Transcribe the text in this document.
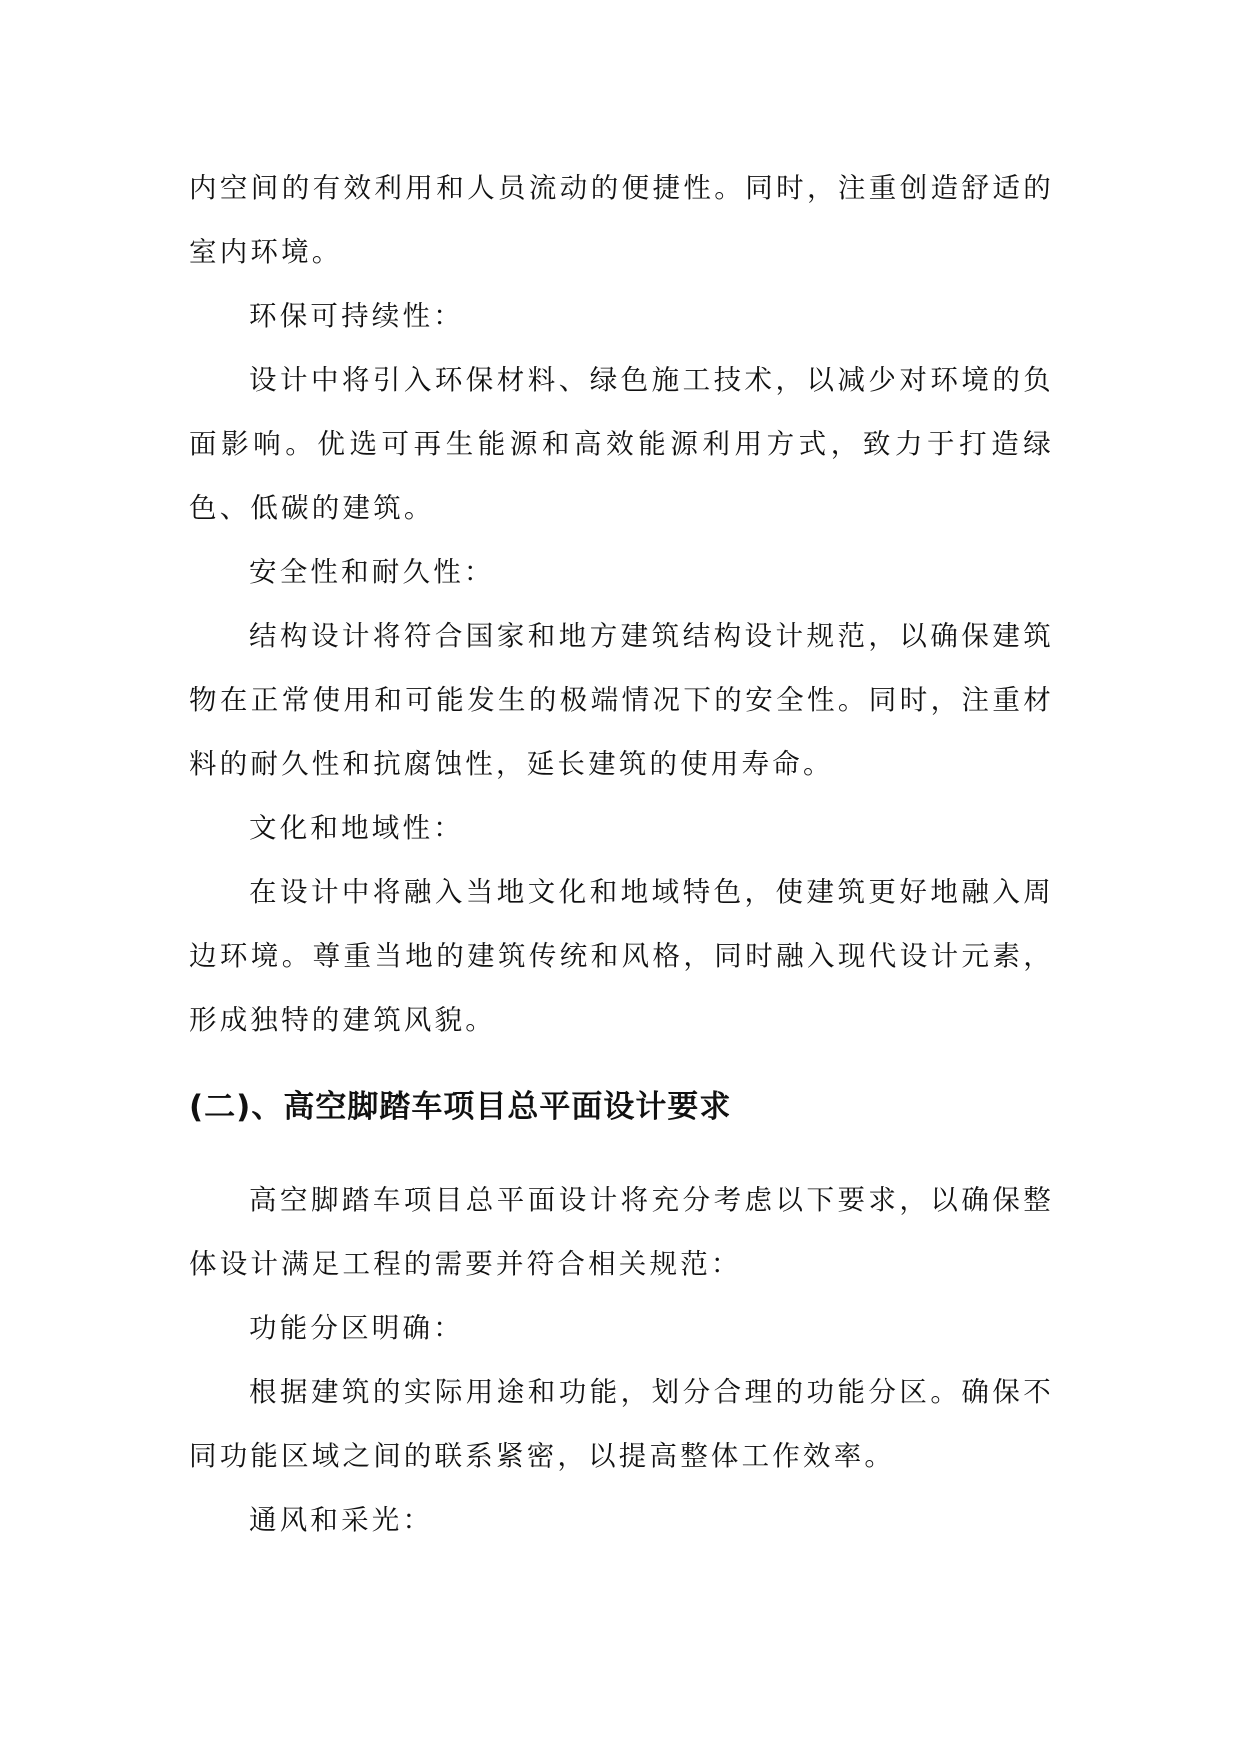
内空间的有效利用和人员流动的便捷性。同时，注重创造舒适的室内环境。

环保可持续性：

设计中将引入环保材料、绿色施工技术，以减少对环境的负面影响。优选可再生能源和高效能源利用方式，致力于打造绿色、低碳的建筑。

安全性和耐久性：

结构设计将符合国家和地方建筑结构设计规范，以确保建筑物在正常使用和可能发生的极端情况下的安全性。同时，注重材料的耐久性和抗腐蚀性，延长建筑的使用寿命。

文化和地域性：

在设计中将融入当地文化和地域特色，使建筑更好地融入周边环境。尊重当地的建筑传统和风格，同时融入现代设计元素，形成独特的建筑风貌。

(二)、高空脚踏车项目总平面设计要求

高空脚踏车项目总平面设计将充分考虑以下要求，以确保整体设计满足工程的需要并符合相关规范：

功能分区明确：

根据建筑的实际用途和功能，划分合理的功能分区。确保不同功能区域之间的联系紧密，以提高整体工作效率。

通风和采光：
